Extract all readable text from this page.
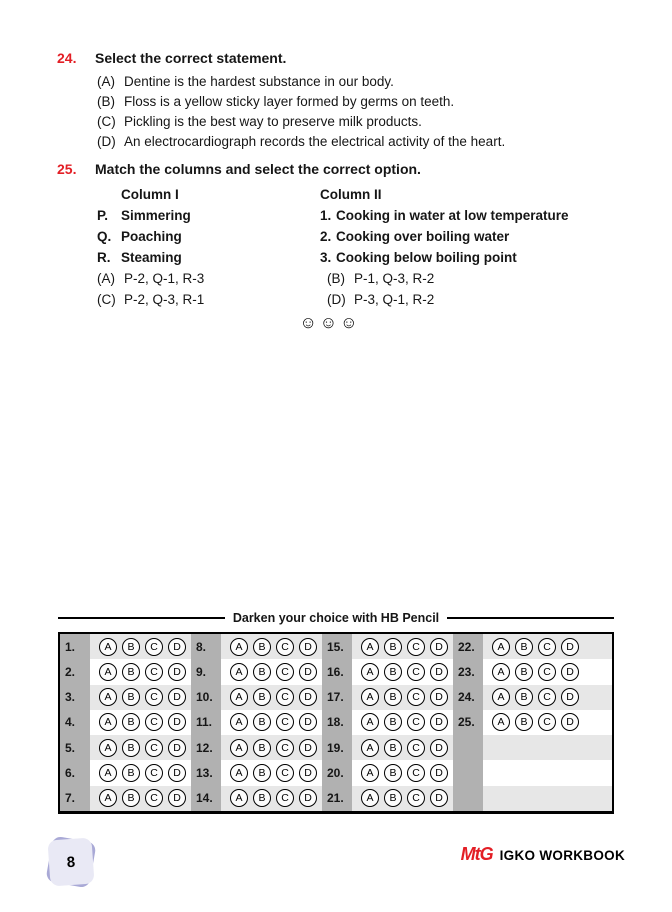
24.	Select the correct statement.
(A) Dentine is the hardest substance in our body.
(B) Floss is a yellow sticky layer formed by germs on teeth.
(C) Pickling is the best way to preserve milk products.
(D) An electrocardiograph records the electrical activity of the heart.
25.	Match the columns and select the correct option.
Column I	Column II
P. Simmering	1. Cooking in water at low temperature
Q. Poaching	2. Cooking over boiling water
R. Steaming	3. Cooking below boiling point
(A) P-2, Q-1, R-3	(B) P-1, Q-3, R-2
(C) P-2, Q-3, R-1	(D) P-3, Q-1, R-2
☺☺☺
Darken your choice with HB Pencil
1.	A	B	C	D
2.	A	B	C	D
3.	A	B	C	D
4.	A	B	C	D
5.	A	B	C	D
6.	A	B	C	D
7.	A	B	C	D
8.	A	B	C	D
9.	A	B	C	D
10.	A	B	C	D
11.	A	B	C	D
12.	A	B	C	D
13.	A	B	C	D
14.	A	B	C	D
15.	A	B	C	D
16.	A	B	C	D
17.	A	B	C	D
18.	A	B	C	D
19.	A	B	C	D
20.	A	B	C	D
21.	A	B	C	D
22.	A	B	C	D
23.	A	B	C	D
24.	A	B	C	D
25.	A	B	C	D
8	MtG IGKO WORKBOOK
